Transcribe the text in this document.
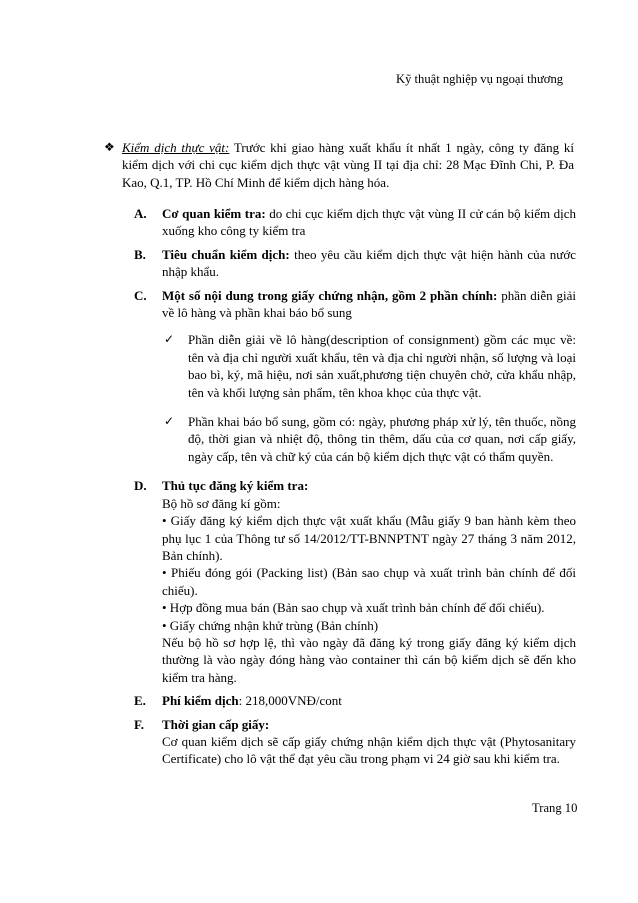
Kỹ thuật nghiệp vụ ngoại thương
❖ Kiểm dịch thực vật: Trước khi giao hàng xuất khẩu ít nhất 1 ngày, công ty đăng kí kiểm dịch với chi cục kiểm dịch thực vật vùng II tại địa chỉ: 28 Mạc Đĩnh Chi, P. Đa Kao, Q.1, TP. Hồ Chí Minh để kiểm dịch hàng hóa.
A. Cơ quan kiểm tra: do chi cục kiểm dịch thực vật vùng II cử cán bộ kiểm dịch xuống kho công ty kiểm tra
B. Tiêu chuẩn kiểm dịch: theo yêu cầu kiểm dịch thực vật hiện hành của nước nhập khẩu.
C. Một số nội dung trong giấy chứng nhận, gồm 2 phần chính: phần diễn giải về lô hàng và phần khai báo bổ sung
✓ Phần diễn giải về lô hàng(description of consignment) gồm các mục về: tên và địa chỉ người xuất khẩu, tên và địa chỉ người nhận, số lượng và loại bao bì, ký, mã hiệu, nơi sản xuất,phương tiện chuyên chở, cửa khẩu nhập, tên và khối lượng sản phẩm, tên khoa khọc của thực vật.
✓ Phần khai báo bổ sung, gồm có: ngày, phương pháp xử lý, tên thuốc, nồng độ, thời gian và nhiệt độ, thông tin thêm, dấu của cơ quan, nơi cấp giấy, ngày cấp, tên và chữ ký của cán bộ kiểm dịch thực vật có thẩm quyền.
D. Thủ tục đăng ký kiểm tra:
Bộ hồ sơ đăng kí gồm:
• Giấy đăng ký kiểm dịch thực vật xuất khẩu (Mẫu giấy 9 ban hành kèm theo phụ lục 1 của Thông tư số 14/2012/TT-BNNPTNT ngày 27 tháng 3 năm 2012, Bản chính).
• Phiếu đóng gói (Packing list) (Bản sao chụp và xuất trình bản chính để đối chiếu).
• Hợp đồng mua bán (Bản sao chụp và xuất trình bản chính để đối chiếu).
• Giấy chứng nhận khử trùng (Bản chính)
Nếu bộ hồ sơ hợp lệ, thì vào ngày đã đăng ký trong giấy đăng ký kiểm dịch thường là vào ngày đóng hàng vào container thì cán bộ kiểm dịch sẽ đến kho kiểm tra hàng.
E. Phí kiểm dịch: 218,000VNĐ/cont
F. Thời gian cấp giấy:
Cơ quan kiểm dịch sẽ cấp giấy chứng nhận kiểm dịch thực vật (Phytosanitary Certificate) cho lô vật thể đạt yêu cầu trong phạm vi 24 giờ sau khi kiểm tra.
Trang 10
